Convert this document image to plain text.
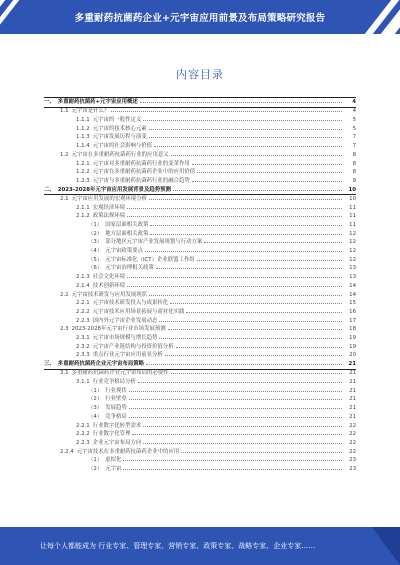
多重耐药抗菌药企业+元宇宙应用前景及布局策略研究报告
内容目录
一、 多重耐药抗菌药+元宇宙应用概述	4
1.1 元宇宙是什么？	4
1.1.1 元宇宙的一般性定义	5
1.1.2 元宇宙的技术核心元素	5
1.1.3 元宇宙发展历程与演变	7
1.1.4 元宇宙的社会影响与价值	7
1.2 元宇宙在多重耐药抗菌药行业的应用意义	8
1.2.1 元宇宙对多重耐药抗菌药行业的变革作用	8
1.2.2 元宇宙在多重耐药抗菌药企业中的应用价值	8
1.2.3 元宇宙与多重耐药抗菌药行业的融合趋势	9
二、 2023-2028年元宇宙应用发展背景及趋势预测	10
2.1 元宇宙应用发展的宏观环境分析	10
2.1.1 宏观经济环境	11
2.1.2 政策法规环境	11
（1） 国家层面相关政策	11
（2） 地方层面相关政策	12
（3） 部分地区元宇宙产业发展规划与行动方案	12
（4） 元宇宙政策要点	12
（5） 元宇宙标准化（ICT）企业联盟工作组	12
（6） 元宇宙治理相关政策	13
2.1.3 社会文化环境	13
2.1.4 技术创新环境	14
2.2 元宇宙技术研发与应用发展现状	14
2.2.1 元宇宙技术研发投入与成果转化	15
2.2.2 元宇宙技术应用场景拓展与商业化实践	16
2.2.3 国内外元宇宙企业发展动态	17
2.3 2023-2028年元宇宙行业市场发展预测	18
2.3.1 元宇宙市场规模与增长趋势	19
2.3.2 元宇宙产业链结构与投资价值分析	19
2.3.3 重点行业元宇宙应用前景分析	20
三、 多重耐药抗菌药企业元宇宙布局策略	21
3.1 多重耐药抗菌药企业元宇宙布局的必要性	21
3.1.1 行业竞争格局分析	21
（1） 行业现状	21
（2） 行业壁垒	21
（3） 发展趋势	21
（4） 竞争格局	21
2.2.1 行业数字化转型需求	22
2.2.2 行业数字化管理	22
2.2.3 企业元宇宙布局方向	22
2.2.4 元宇宙技术在多重耐药抗菌药企业中的应用	22
（1） 虚拟化	23
（2） 元宇宙	23
让每个人都能成为 行业专家、管理专家、营销专家、政策专家、战略专家、企业专家……
